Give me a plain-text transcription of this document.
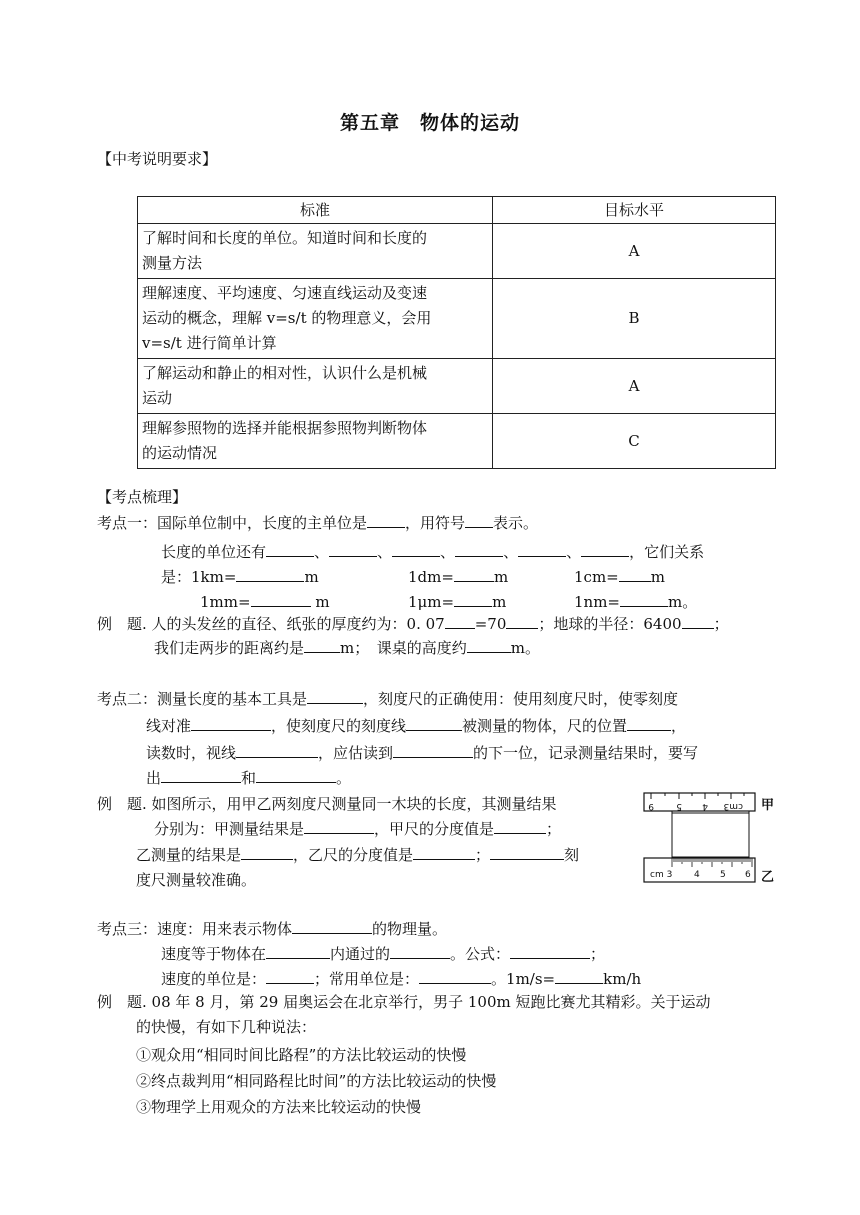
第五章　物体的运动
【中考说明要求】
标准	目标水平
了解时间和长度的单位。知道时间和长度的
测量方法	A
理解速度、平均速度、匀速直线运动及变速
运动的概念，理解 v=s/t 的物理意义，会用
v=s/t 进行简单计算	B
了解运动和静止的相对性，认识什么是机械
运动	A
理解参照物的选择并能根据参照物判断物体
的运动情况	C
【考点梳理】
考点一：国际单位制中，长度的主单位是	，用符号 表示。
长度的单位还有	、	、	、	、	、	，它们关系
是：1km=	m	1dm=	m	1cm= m
1mm=	m	1μm=	m	1nm=	m。
例　题. 人的头发丝的直径、纸张的厚度约为：0. 07 =70 ；地球的半径：6400 ；
我们走两步的距离约是 m；　课桌的高度约	m。
考点二：测量长度的基本工具是	，刻度尺的正确使用：使用刻度尺时，使零刻度
线对准	，使刻度尺的刻度线	被测量的物体，尺的位置	，
读数时，视线	，应估读到	的下一位，记录测量结果时，要写
出	和	。
例　题. 如图所示，用甲乙两刻度尺测量同一木块的长度，其测量结果
分别为：甲测量结果是	，甲尺的分度值是	；
乙测量的结果是	，乙尺的分度值是	；	刻
度尺测量较准确。
9 5 4 cm3 甲
cm 3 4 5 6 乙
考点三：速度：用来表示物体	的物理量。
速度等于物体在	内通过的	。公式：	；
速度的单位是：	；常用单位是：	。1m/s=	km/h
例　题. 08 年 8 月，第 29 届奥运会在北京举行，男子 100m 短跑比赛尤其精彩。关于运动
的快慢，有如下几种说法：
①观众用“相同时间比路程”的方法比较运动的快慢
②终点裁判用“相同路程比时间”的方法比较运动的快慢
③物理学上用观众的方法来比较运动的快慢
